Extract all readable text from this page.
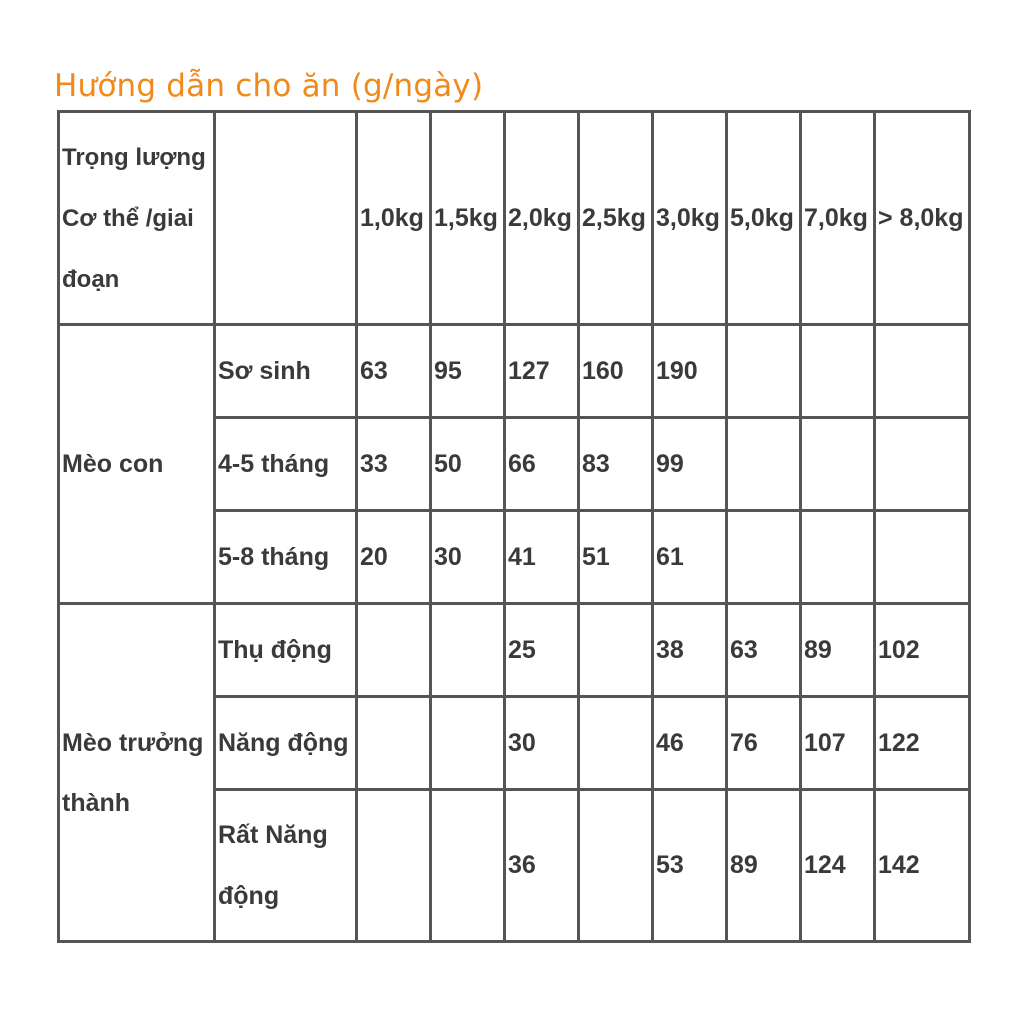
Hướng dẫn cho ăn (g/ngày)
Trọng lượng Cơ thể /giai đoạn		1,0kg	1,5kg	2,0kg	2,5kg	3,0kg	5,0kg	7,0kg	> 8,0kg
Mèo con	Sơ sinh	63	95	127	160	190			
	4-5 tháng	33	50	66	83	99			
	5-8 tháng	20	30	41	51	61			
Mèo trưởng thành	Thụ động			25		38	63	89	102
	Năng động			30		46	76	107	122
	Rất Năng động			36		53	89	124	142
